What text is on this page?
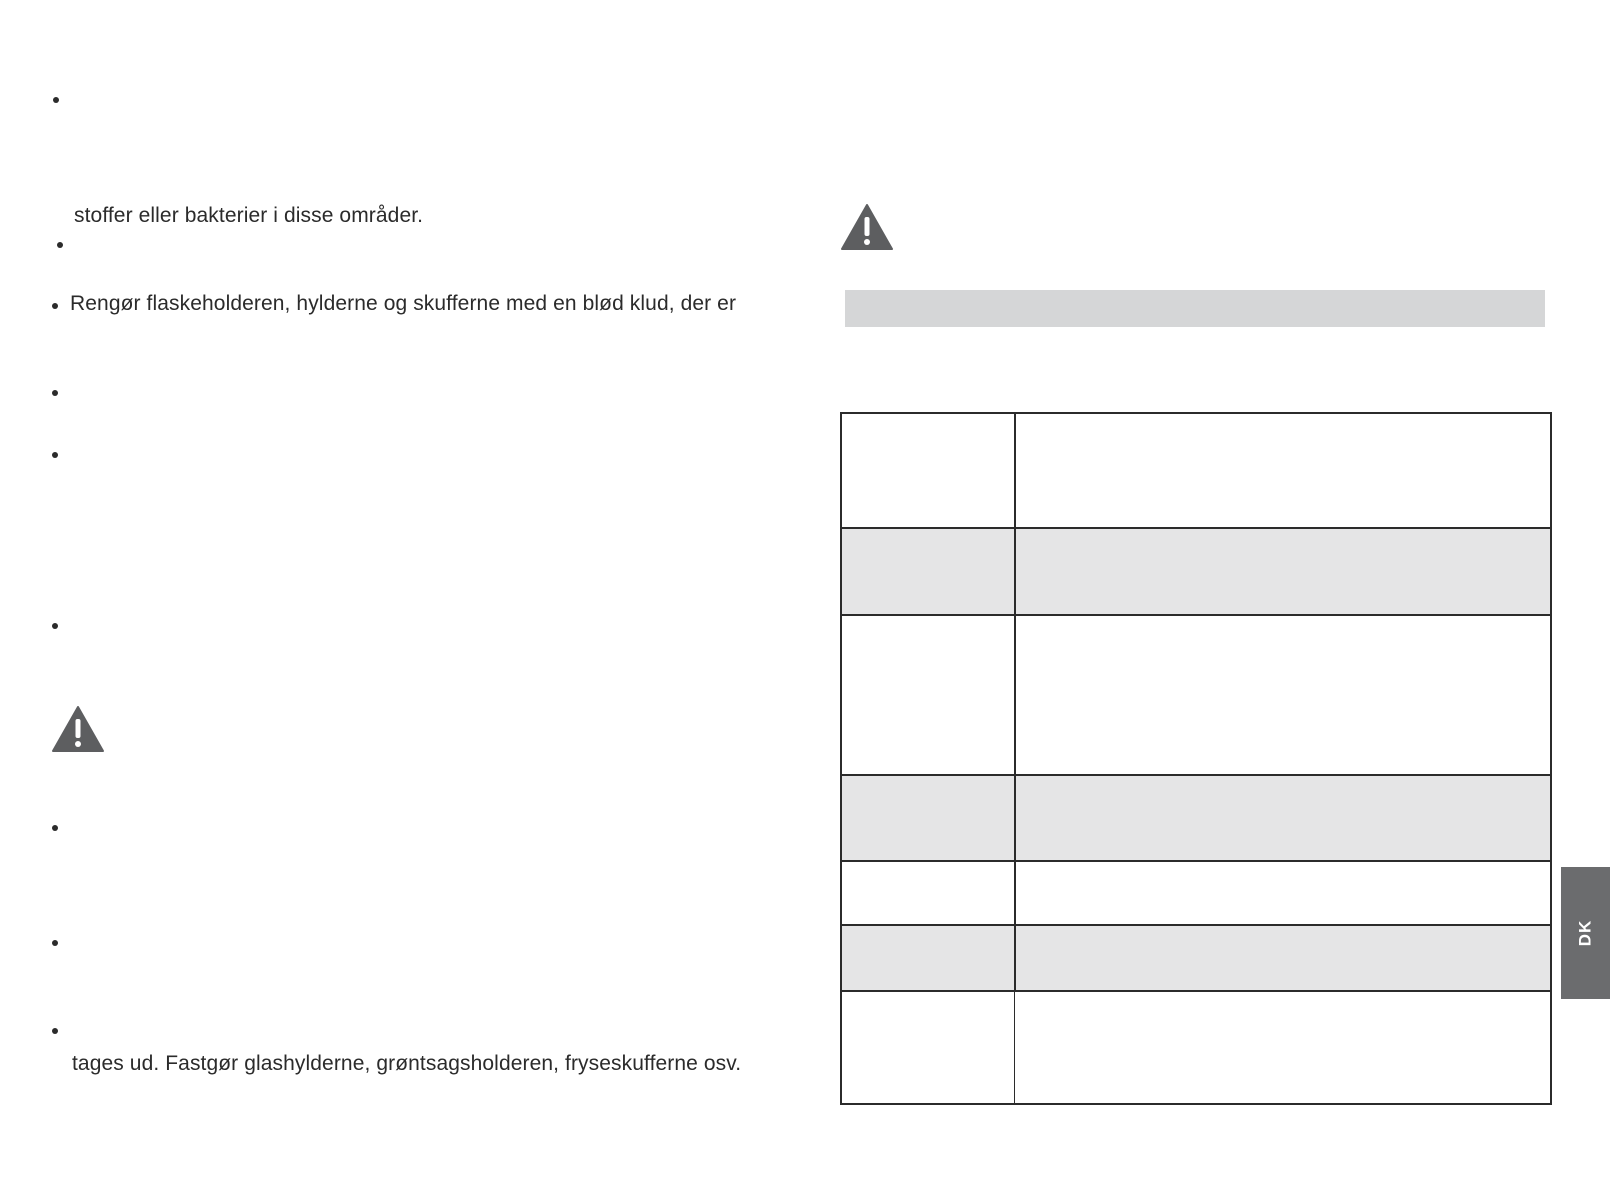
stoffer eller bakterier i disse områder.
Rengør flaskeholderen, hylderne og skufferne med en blød klud, der er
tages ud. Fastgør glashylderne, grøntsagsholderen, fryseskufferne osv.
DK
